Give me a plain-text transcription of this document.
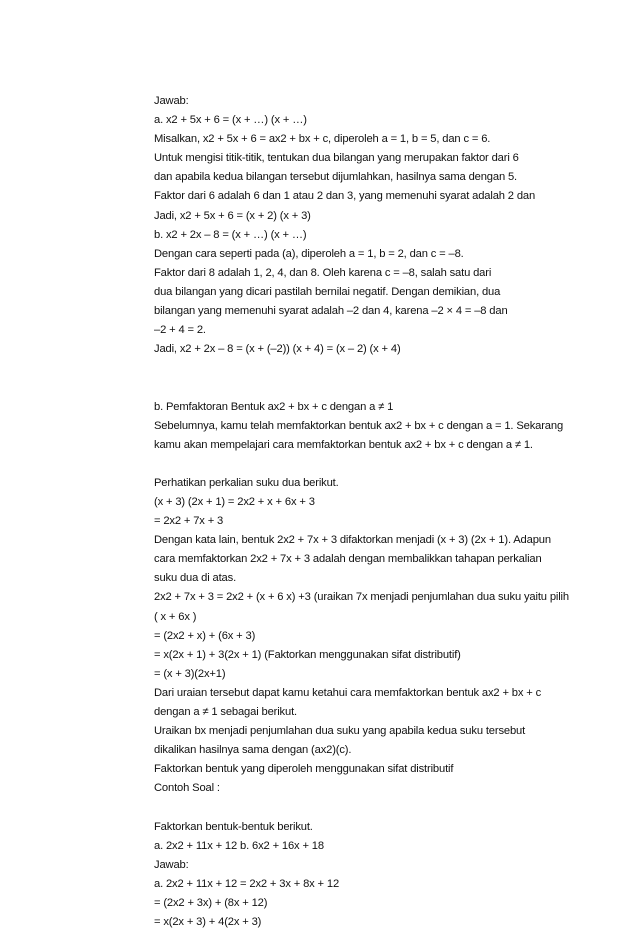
Jawab:
a. x2 + 5x + 6 = (x + …) (x + …)
Misalkan, x2 + 5x + 6 = ax2 + bx + c, diperoleh a = 1, b = 5, dan c = 6.
Untuk mengisi titik-titik, tentukan dua bilangan yang merupakan faktor dari 6
dan apabila kedua bilangan tersebut dijumlahkan, hasilnya sama dengan 5.
Faktor dari 6 adalah 6 dan 1 atau 2 dan 3, yang memenuhi syarat adalah 2 dan
Jadi, x2 + 5x + 6 = (x + 2) (x + 3)
b. x2 + 2x – 8 = (x + …) (x + …)
Dengan cara seperti pada (a), diperoleh a = 1, b = 2, dan c = –8.
Faktor dari 8 adalah 1, 2, 4, dan 8. Oleh karena c = –8, salah satu dari
dua bilangan yang dicari pastilah bernilai negatif. Dengan demikian, dua
bilangan yang memenuhi syarat adalah –2 dan 4, karena –2 × 4 = –8 dan
–2 + 4 = 2.
Jadi, x2 + 2x – 8 = (x + (–2)) (x + 4) = (x – 2) (x + 4)
b. Pemfaktoran Bentuk ax2 + bx + c dengan a ≠ 1
Sebelumnya, kamu telah memfaktorkan bentuk ax2 + bx + c dengan a = 1. Sekarang
kamu akan mempelajari cara memfaktorkan bentuk ax2 + bx + c dengan a ≠ 1.
Perhatikan perkalian suku dua berikut.
(x + 3) (2x + 1) = 2x2 + x + 6x + 3
= 2x2 + 7x + 3
Dengan kata lain, bentuk 2x2 + 7x + 3 difaktorkan menjadi (x + 3) (2x + 1). Adapun
cara memfaktorkan 2x2 + 7x + 3 adalah dengan membalikkan tahapan perkalian
suku dua di atas.
2x2 + 7x + 3 = 2x2 + (x + 6 x) +3 (uraikan 7x menjadi penjumlahan dua suku yaitu pilih
( x + 6x )
= (2x2 + x) + (6x + 3)
= x(2x + 1) + 3(2x + 1) (Faktorkan menggunakan sifat distributif)
= (x + 3)(2x+1)
Dari uraian tersebut dapat kamu ketahui cara memfaktorkan bentuk ax2 + bx + c
dengan a ≠ 1 sebagai berikut.
Uraikan bx menjadi penjumlahan dua suku yang apabila kedua suku tersebut
dikalikan hasilnya sama dengan (ax2)(c).
Faktorkan bentuk yang diperoleh menggunakan sifat distributif
Contoh Soal :
Faktorkan bentuk-bentuk berikut.
a. 2x2 + 11x + 12 b. 6x2 + 16x + 18
Jawab:
a. 2x2 + 11x + 12 = 2x2 + 3x + 8x + 12
= (2x2 + 3x) + (8x + 12)
= x(2x + 3) + 4(2x + 3)
